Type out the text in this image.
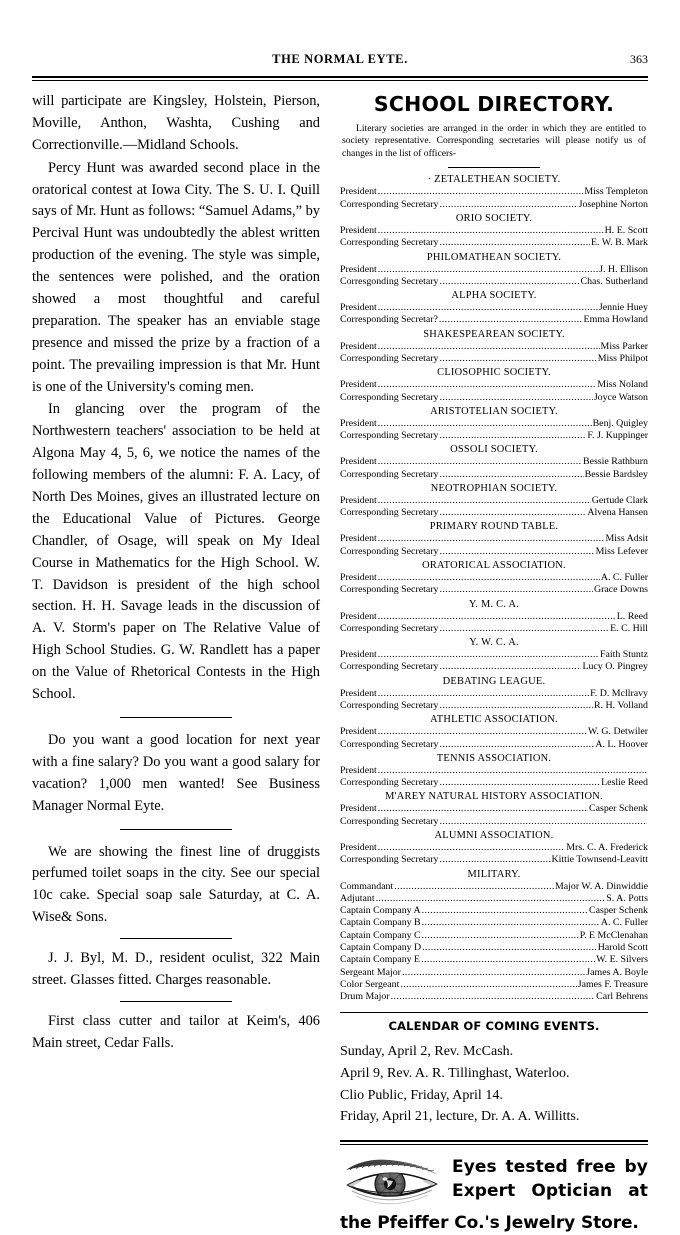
THE NORMAL EYTE.	363

will participate are Kingsley, Holstein, Pierson, Moville, Anthon, Washta, Cushing and Correctionville.—Midland Schools.

Percy Hunt was awarded second place in the oratorical contest at Iowa City. The S. U. I. Quill says of Mr. Hunt as follows: “Samuel Adams,” by Percival Hunt was undoubtedly the ablest written production of the evening. The style was simple, the sentences were polished, and the oration showed a most thoughtful and careful preparation. The speaker has an enviable stage presence and missed the prize by a fraction of a point. The prevailing impression is that Mr. Hunt is one of the University's coming men.

In glancing over the program of the Northwestern teachers' association to be held at Algona May 4, 5, 6, we notice the names of the following members of the alumni: F. A. Lacy, of North Des Moines, gives an illustrated lecture on the Educational Value of Pictures. George Chandler, of Osage, will speak on My Ideal Course in Mathematics for the High School. W. T. Davidson is president of the high school section. H. H. Savage leads in the discussion of A. V. Storm's paper on The Relative Value of High School Studies. G. W. Randlett has a paper on the Value of Rhetorical Contests in the High School.

Do you want a good location for next year with a fine salary? Do you want a good salary for vacation? 1,000 men wanted! See Business Manager Normal Eyte.

We are showing the finest line of druggists perfumed toilet soaps in the city. See our special 10c cake. Special soap sale Saturday, at C. A. Wise& Sons.

J. J. Byl, M. D., resident oculist, 322 Main street. Glasses fitted. Charges reasonable.

First class cutter and tailor at Keim's, 406 Main street, Cedar Falls.

SCHOOL DIRECTORY.
Literary societies are arranged in the order in which they are entitled to society representative. Corresponding secretaries will please notify us of changes in the list of officers-
· ZETALETHEAN SOCIETY.
President .....	Miss Templeton
Corresponding Secretary .....	Josephine Norton
ORIO SOCIETY.
President .....	H. E. Scott
Corresponding Secretary .....	E. W. B. Mark
PHILOMATHEAN SOCIETY.
President .....	J. H. Ellison
Corresgonding Secretary .....	Chas. Sutherland
ALPHA SOCIETY.
President .....	Jennie Huey
Corresponding Secretar? .....	Emma Howland
SHAKESPEAREAN SOCIETY.
President .....	Miss Parker
Corresponding Secretary .....	Miss Philpot
CLIOSOPHIC SOCIETY.
President .....	Miss Noland
Corresponding Secretary .....	Joyce Watson
ARISTOTELIAN SOCIETY.
President .....	Benj. Quigley
Corresponding Secretary .....	F. J. Kuppinger
OSSOLI SOCIETY.
President .....	Bessie Rathburn
Corresponding Secretary .....	Bessie Bardsley
NEOTROPHIAN SOCIETY.
President .....	Gertude Clark
Corresponding Secretary .....	Alvena Hansen
PRIMARY ROUND TABLE.
President .....	Miss Adsit
Corresponding Secretary .....	Miss Lefever
ORATORICAL ASSOCIATION.
President .....	A. C. Fuller
Corresponding Secretary .....	Grace Downs
Y. M. C. A.
President .....	L. Reed
Corresponding Secretary .....	E. C. Hill
Y. W. C. A.
President .....	Faith Stuntz
Corresponding Secretary .....	Lucy O. Pingrey
DEBATING LEAGUE.
President .....	F. D. Mcllravy
Corresponding Secretary .....	R. H. Volland
ATHLETIC ASSOCIATION.
President .....	W. G. Detwiler
Corresponding Secretary .....	A. L. Hoover
TENNIS ASSOCIATION.
President
.....
Corresponding Secretary .....	Leslie Reed
M'AREY NATURAL HISTORY ASSOCIATION.
President .....	Casper Schenk
Corresponding Secretary
.....
ALUMNI ASSOCIATION.
President .....	Mrs. C. A. Frederick
Corresponding Secretary .....	Kittie Townsend-Leavitt
MILITARY.
Commandant .....	Major W. A. Dinwiddie
Adjutant .....	S. A. Potts
Captain Company A .....	Casper Schenk
Captain Company B .....	A. C. Fuller
Captain Company C .....	P. E McClenahan
Captain Company D .....	Harold Scott
Captain Company E .....	W. E. Silvers
Sergeant Major .....	James A. Boyle
Color Sergeant .....	James F. Treasure
Drum Major .....	Carl Behrens
CALENDAR OF COMING EVENTS.
Sunday, April 2, Rev. McCash.
April 9, Rev. A. R. Tillinghast, Waterloo.
Clio Public, Friday, April 14.
Friday, April 21, lecture, Dr. A. A. Willitts.
Eyes tested free by
Expert Optician at
the Pfeiffer Co.'s Jewelry Store.
